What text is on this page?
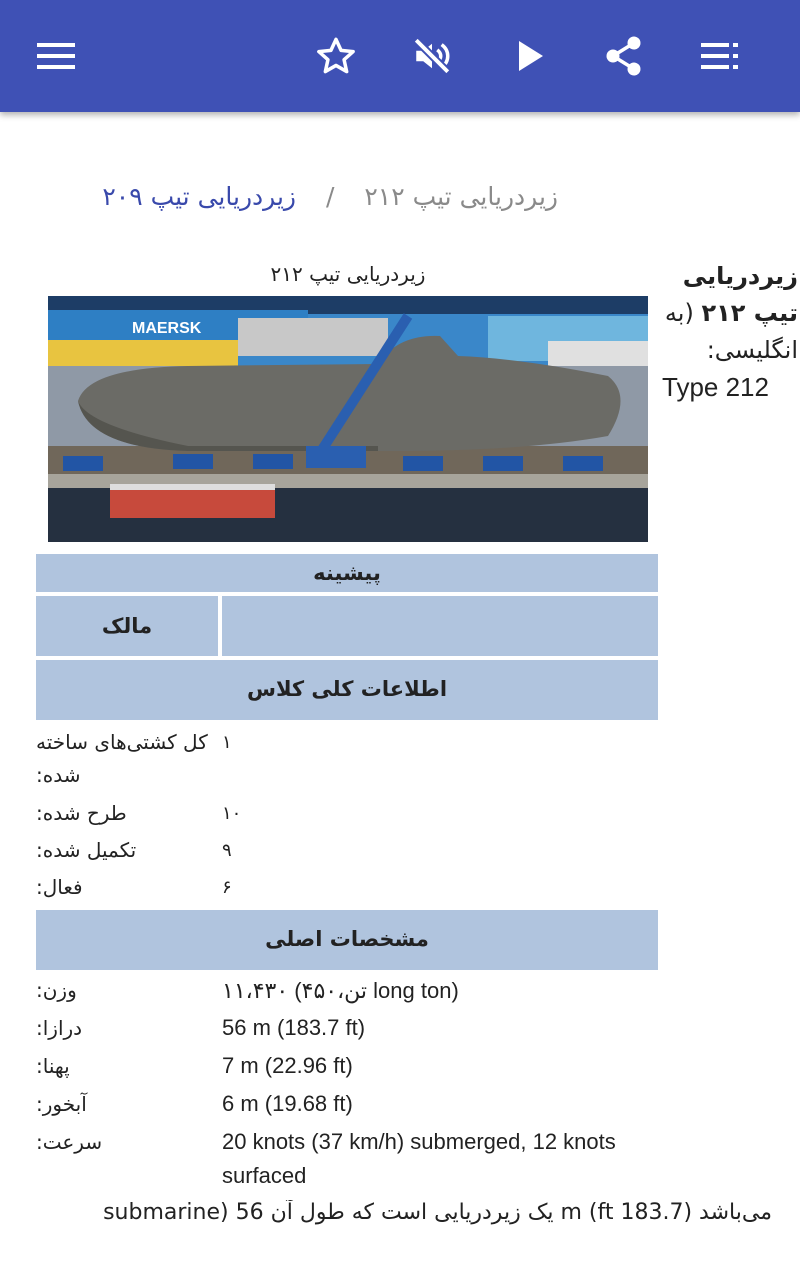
زیردریایی تیپ ۲۱۲ / زیردریایی تیپ ۲۰۹
زیردریایی تیپ ۲۱۲ (به انگلیسی:
Type 212
زیردریایی تیپ ۲۱۲
MAERSK
پیشینه
مالک
اطلاعات کلی کلاس
کل کشتی‌های ساخته شده:
۱
طرح شده:	۱۰
تکمیل شده:	۹
فعال:	۶
مشخصات اصلی
وزن:	۱۱،۴۳۰ (۴۵۰،تن long ton)
درازا:	56 m (183.7 ft)
پهنا:	7 m (22.96 ft)
آبخور:	6 m (19.68 ft)
سرعت:	20 knots (37 km/h) submerged, 12 knots surfaced
می‌باشد (183.7 ft) m یک زیردریایی است که طول آن 56 (submarine
